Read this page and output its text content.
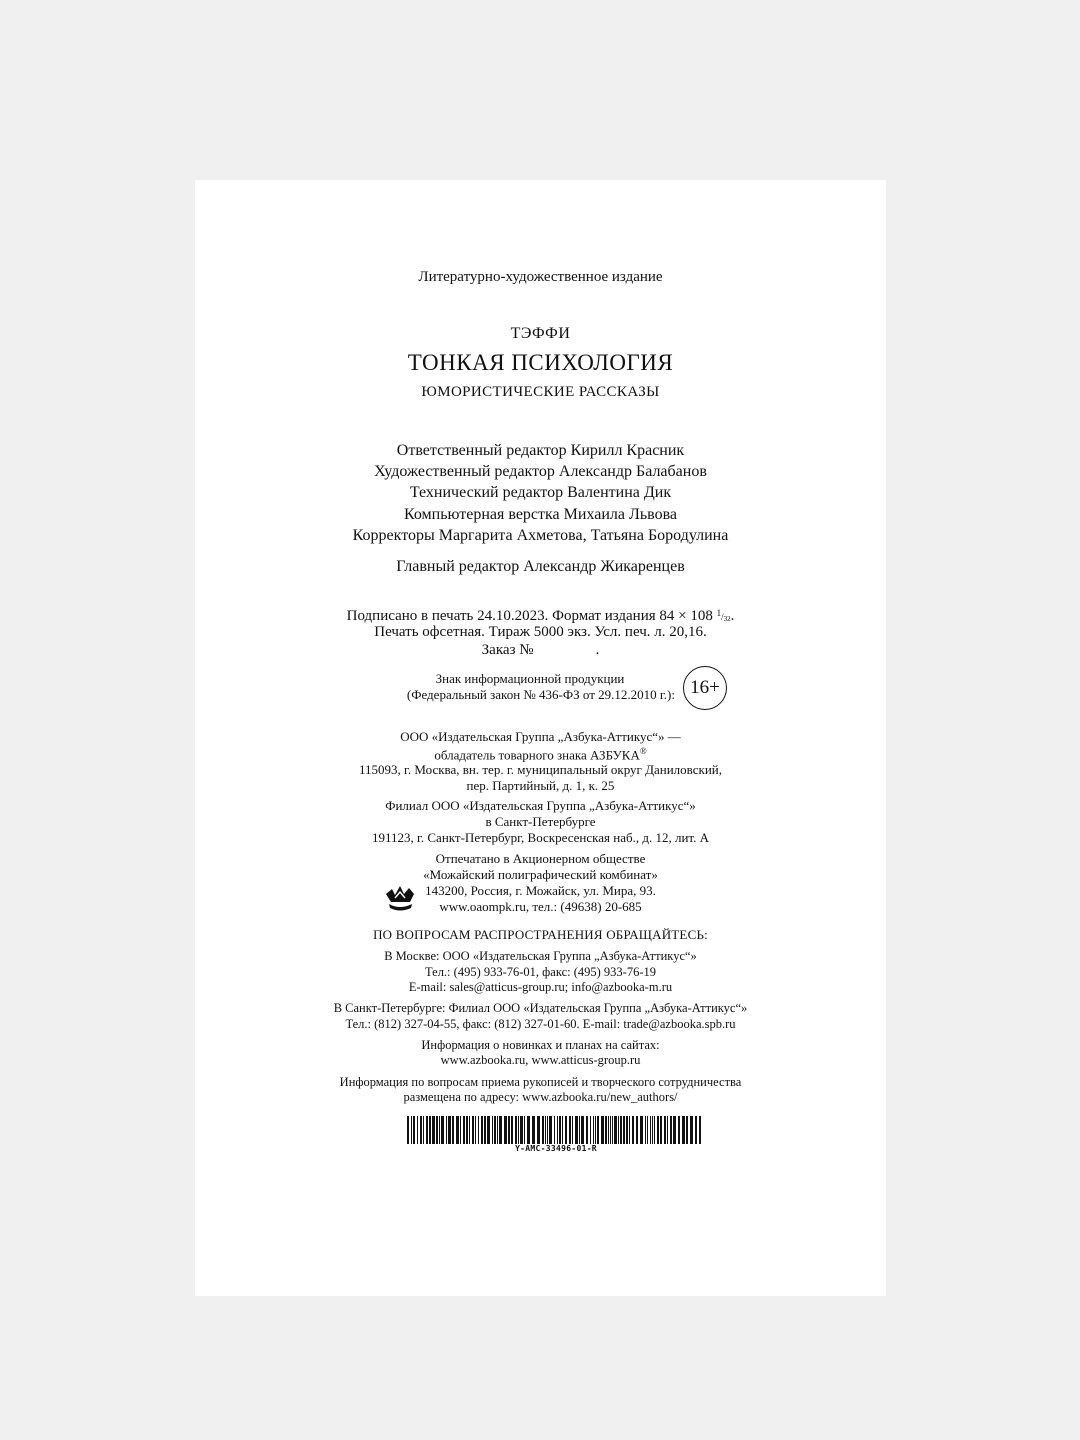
Литературно-художественное издание
ТЭФФИ
ТОНКАЯ ПСИХОЛОГИЯ
ЮМОРИСТИЧЕСКИЕ РАССКАЗЫ
Ответственный редактор Кирилл Красник
Художественный редактор Александр Балабанов
Технический редактор Валентина Дик
Компьютерная верстка Михаила Львова
Корректоры Маргарита Ахметова, Татьяна Бородулина
Главный редактор Александр Жикаренцев
Подписано в печать 24.10.2023. Формат издания 84 × 108 $^1/_{32}$.
Печать офсетная. Тираж 5000 экз. Усл. печ. л. 20,16.
Заказ №	.
Знак информационной продукции
(Федеральный закон № 436-ФЗ от 29.12.2010 г.): 16+
ООО «Издательская Группа „Азбука-Аттикус“» —
обладатель товарного знака АЗБУКА®
115093, г. Москва, вн. тер. г. муниципальный округ Даниловский,
пер. Партийный, д. 1, к. 25
Филиал ООО «Издательская Группа „Азбука-Аттикус“»
в Санкт-Петербурге
191123, г. Санкт-Петербург, Воскресенская наб., д. 12, лит. А
Отпечатано в Акционерном обществе
«Можайский полиграфический комбинат»
143200, Россия, г. Можайск, ул. Мира, 93.
www.oaompk.ru, тел.: (49638) 20-685
ПО ВОПРОСАМ РАСПРОСТРАНЕНИЯ ОБРАЩАЙТЕСЬ:
В Москве: ООО «Издательская Группа „Азбука-Аттикус“»
Тел.: (495) 933-76-01, факс: (495) 933-76-19
E-mail: sales@atticus-group.ru; info@azbooka-m.ru
В Санкт-Петербурге: Филиал ООО «Издательская Группа „Азбука-Аттикус“»
Тел.: (812) 327-04-55, факс: (812) 327-01-60. E-mail: trade@azbooka.spb.ru
Информация о новинках и планах на сайтах:
www.azbooka.ru, www.atticus-group.ru
Информация по вопросам приема рукописей и творческого сотрудничества
размещена по адресу: www.azbooka.ru/new_authors/
Y-AMC-33496-01-R
